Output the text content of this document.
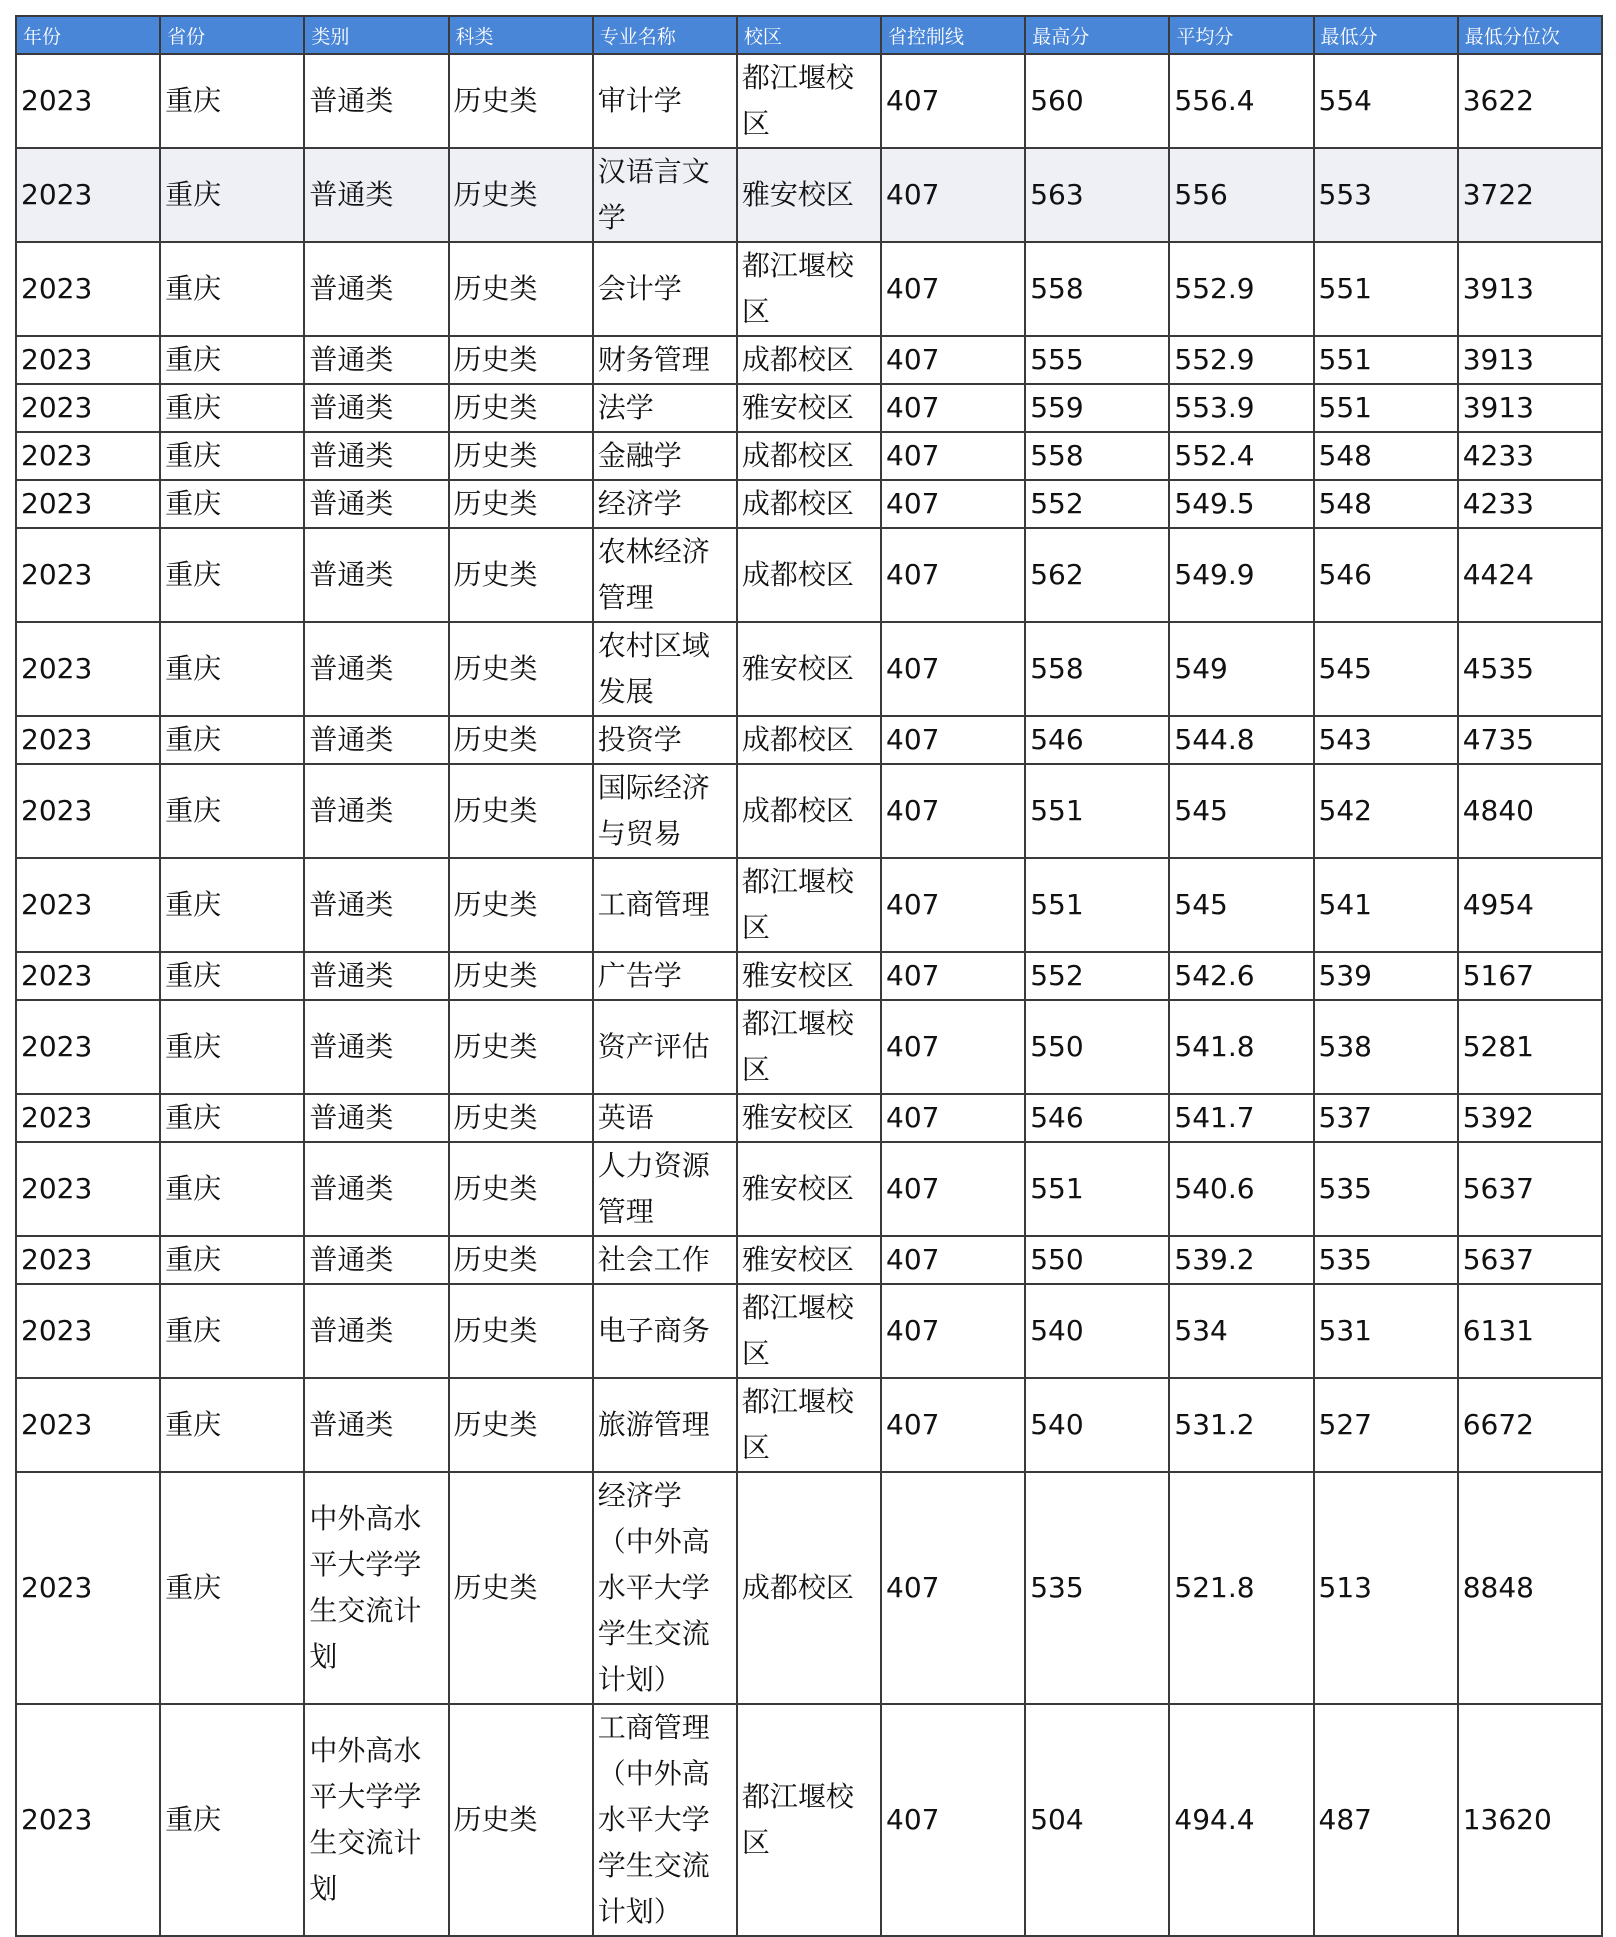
年份	省份	类别	科类	专业名称	校区	省控制线	最高分	平均分	最低分	最低分位次
2023	重庆	普通类	历史类	审计学	都江堰校区	407	560	556.4	554	3622
2023	重庆	普通类	历史类	汉语言文学	雅安校区	407	563	556	553	3722
2023	重庆	普通类	历史类	会计学	都江堰校区	407	558	552.9	551	3913
2023	重庆	普通类	历史类	财务管理	成都校区	407	555	552.9	551	3913
2023	重庆	普通类	历史类	法学	雅安校区	407	559	553.9	551	3913
2023	重庆	普通类	历史类	金融学	成都校区	407	558	552.4	548	4233
2023	重庆	普通类	历史类	经济学	成都校区	407	552	549.5	548	4233
2023	重庆	普通类	历史类	农林经济管理	成都校区	407	562	549.9	546	4424
2023	重庆	普通类	历史类	农村区域发展	雅安校区	407	558	549	545	4535
2023	重庆	普通类	历史类	投资学	成都校区	407	546	544.8	543	4735
2023	重庆	普通类	历史类	国际经济与贸易	成都校区	407	551	545	542	4840
2023	重庆	普通类	历史类	工商管理	都江堰校区	407	551	545	541	4954
2023	重庆	普通类	历史类	广告学	雅安校区	407	552	542.6	539	5167
2023	重庆	普通类	历史类	资产评估	都江堰校区	407	550	541.8	538	5281
2023	重庆	普通类	历史类	英语	雅安校区	407	546	541.7	537	5392
2023	重庆	普通类	历史类	人力资源管理	雅安校区	407	551	540.6	535	5637
2023	重庆	普通类	历史类	社会工作	雅安校区	407	550	539.2	535	5637
2023	重庆	普通类	历史类	电子商务	都江堰校区	407	540	534	531	6131
2023	重庆	普通类	历史类	旅游管理	都江堰校区	407	540	531.2	527	6672
2023	重庆	中外高水平大学学生交流计划	历史类	经济学（中外高水平大学学生交流计划）	成都校区	407	535	521.8	513	8848
2023	重庆	中外高水平大学学生交流计划	历史类	工商管理（中外高水平大学学生交流计划）	都江堰校区	407	504	494.4	487	13620
